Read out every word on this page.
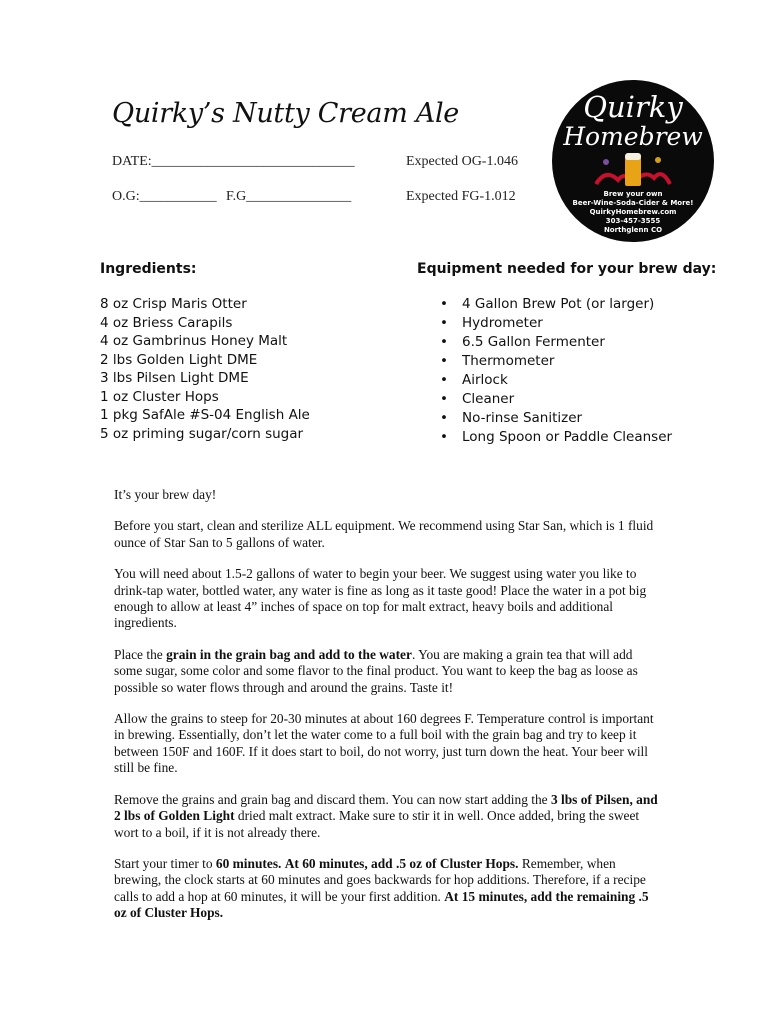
Quirky’s Nutty Cream Ale
DATE:_____________________________
O.G:___________ F.G_______________
Expected OG-1.046
Expected FG-1.012
Quirky
Homebrew
Brew your own
Beer-Wine-Soda-Cider & More!
QuirkyHomebrew.com
303-457-3555
Northglenn CO
Ingredients:	Equipment needed for your brew day:
8 oz Crisp Maris Otter
4 oz Briess Carapils
4 oz Gambrinus Honey Malt
2 lbs Golden Light DME
3 lbs Pilsen Light DME
1 oz Cluster Hops
1 pkg SafAle #S-04 English Ale
5 oz priming sugar/corn sugar
• 4 Gallon Brew Pot (or larger)
• Hydrometer
• 6.5 Gallon Fermenter
• Thermometer
• Airlock
• Cleaner
• No-rinse Sanitizer
• Long Spoon or Paddle Cleanser

It’s your brew day!

Before you start, clean and sterilize ALL equipment. We recommend using Star San, which is 1 fluid ounce of Star San to 5 gallons of water.

You will need about 1.5-2 gallons of water to begin your beer. We suggest using water you like to drink-tap water, bottled water, any water is fine as long as it taste good! Place the water in a pot big enough to allow at least 4” inches of space on top for malt extract, heavy boils and additional ingredients.

Place the grain in the grain bag and add to the water. You are making a grain tea that will add some sugar, some color and some flavor to the final product. You want to keep the bag as loose as possible so water flows through and around the grains. Taste it!

Allow the grains to steep for 20-30 minutes at about 160 degrees F. Temperature control is important in brewing. Essentially, don’t let the water come to a full boil with the grain bag and try to keep it between 150F and 160F. If it does start to boil, do not worry, just turn down the heat. Your beer will still be fine.

Remove the grains and grain bag and discard them. You can now start adding the 3 lbs of Pilsen, and 2 lbs of Golden Light dried malt extract. Make sure to stir it in well. Once added, bring the sweet wort to a boil, if it is not already there.

Start your timer to 60 minutes. At 60 minutes, add .5 oz of Cluster Hops. Remember, when brewing, the clock starts at 60 minutes and goes backwards for hop additions. Therefore, if a recipe calls to add a hop at 60 minutes, it will be your first addition. At 15 minutes, add the remaining .5 oz of Cluster Hops.
